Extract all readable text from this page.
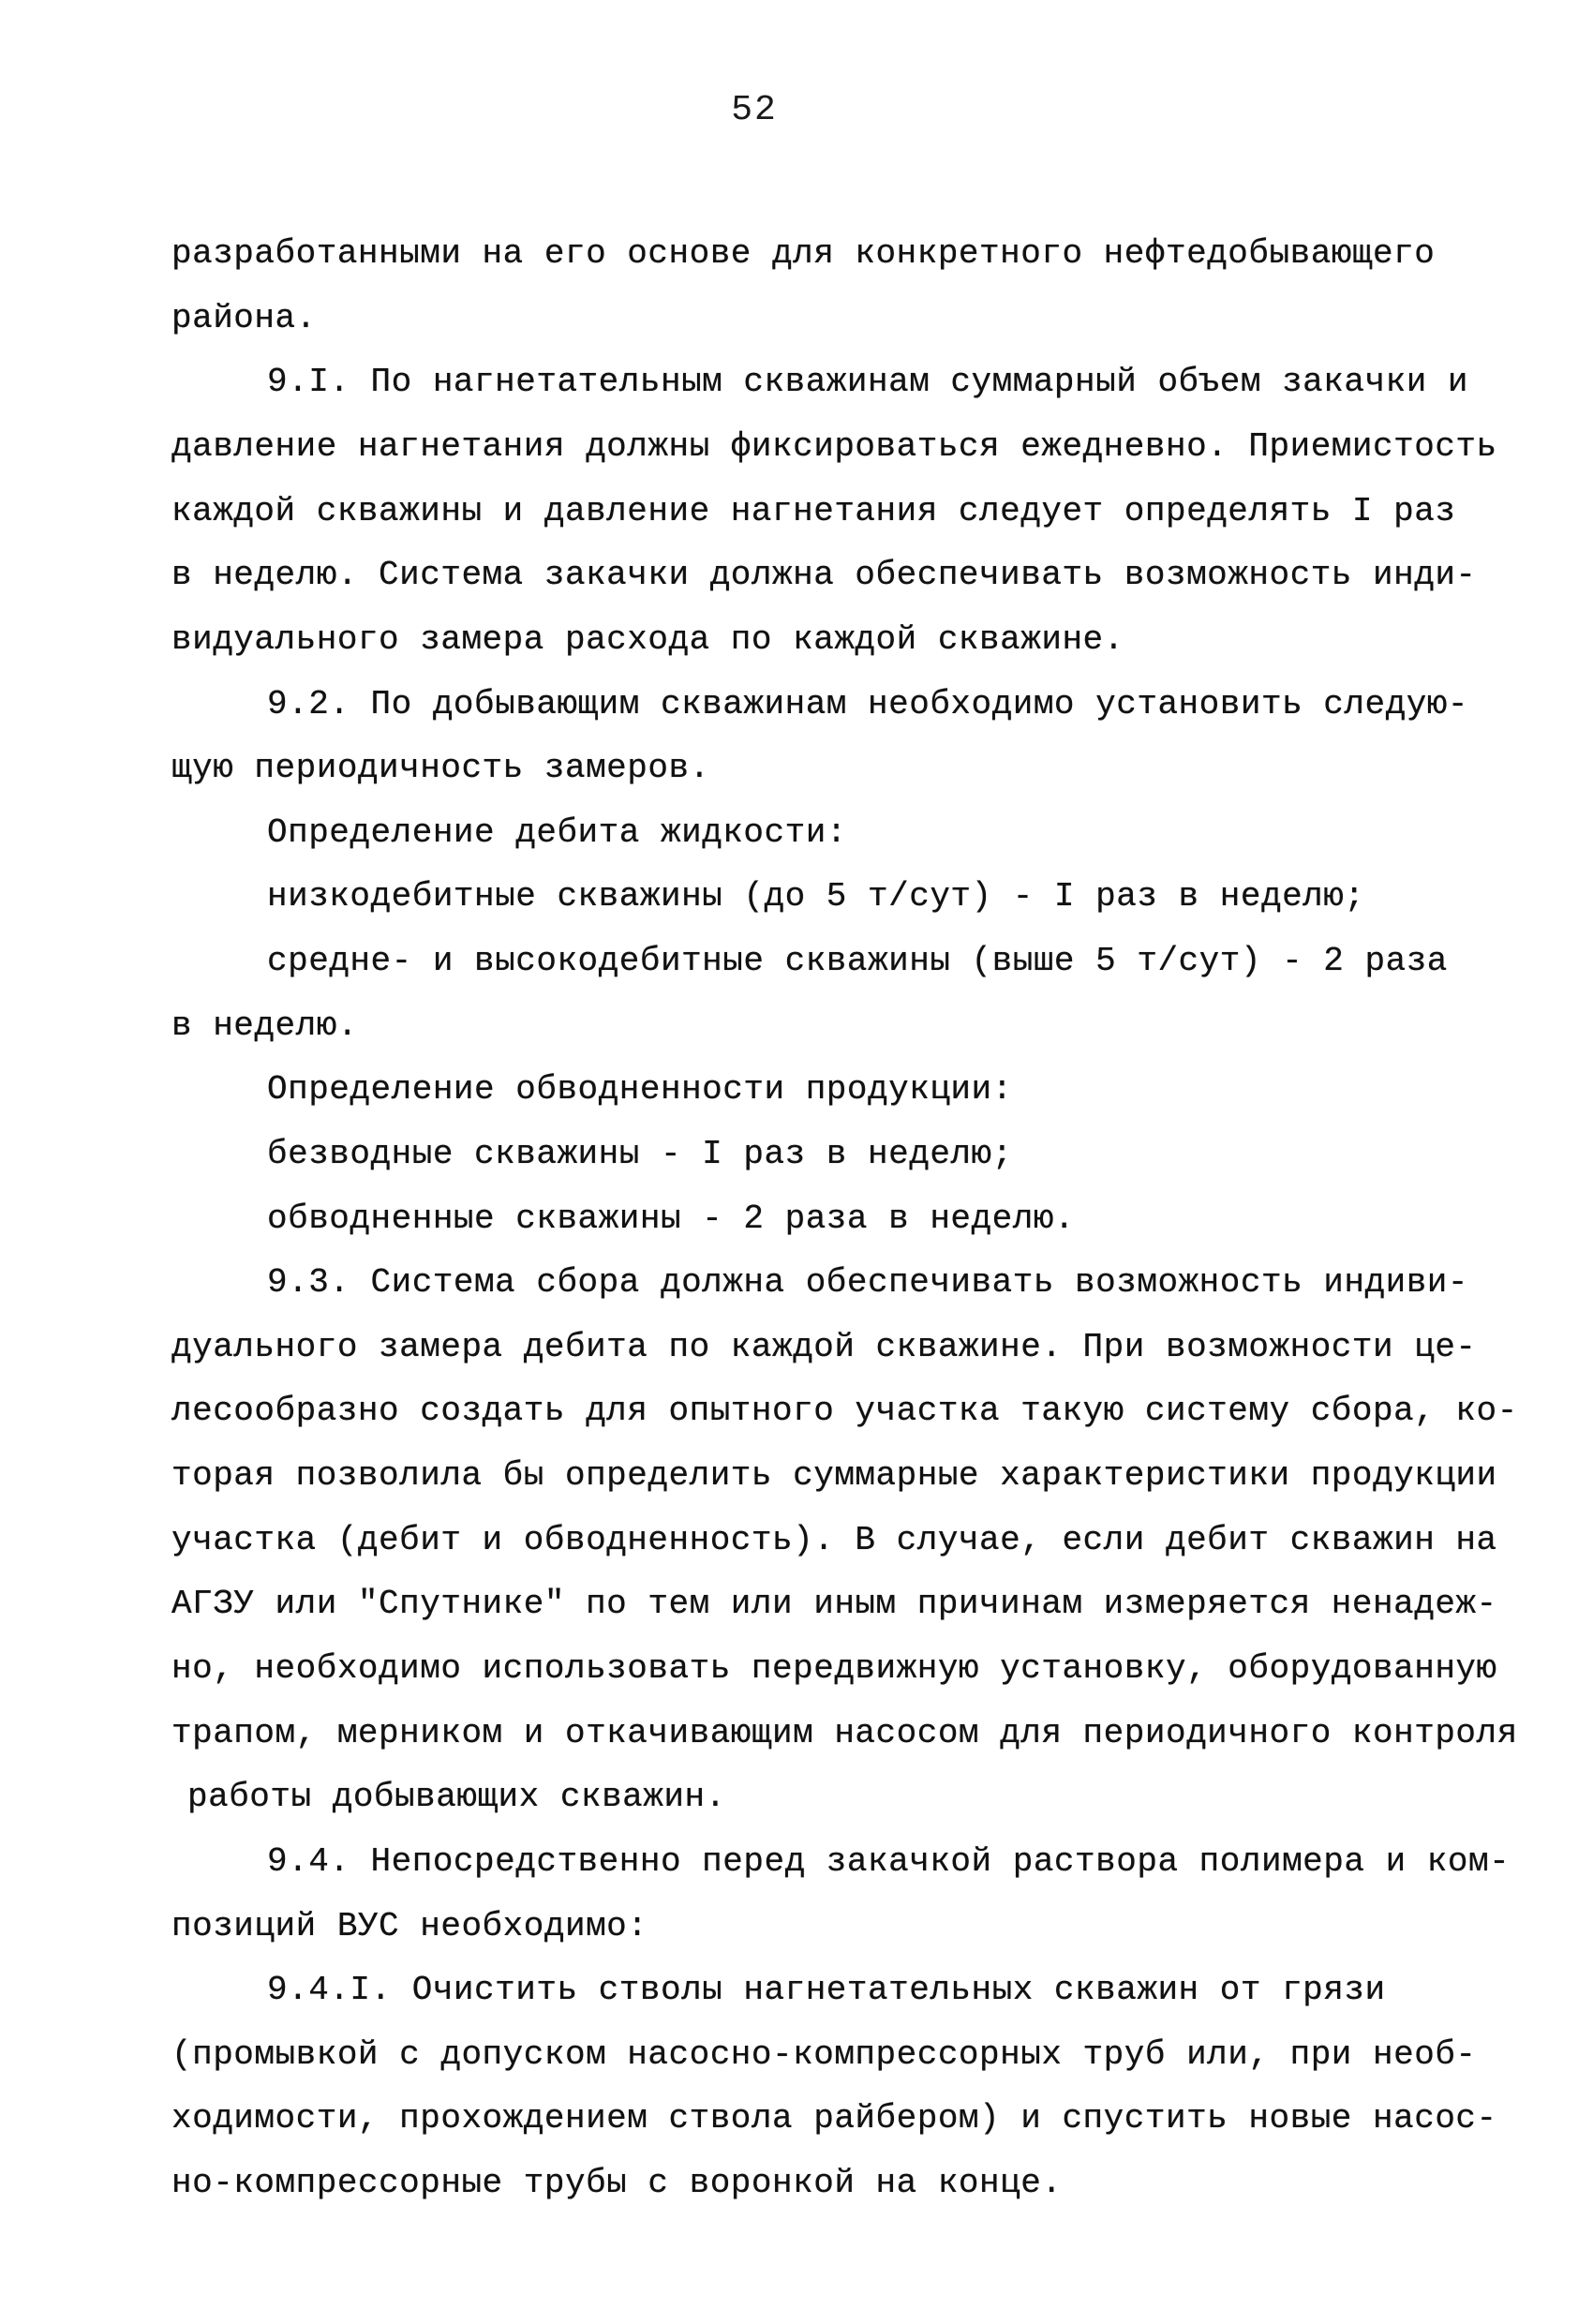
52
разработанными на его основе для конкретного нефтедобывающего
района.
9.I. По нагнетательным скважинам суммарный объем закачки и
давление нагнетания должны фиксироваться ежедневно. Приемистость
каждой скважины и давление нагнетания следует определять I раз
в неделю. Система закачки должна обеспечивать возможность инди-
видуального замера расхода по каждой скважине.
9.2. По добывающим скважинам необходимо установить следую-
щую периодичность замеров.
Определение дебита жидкости:
низкодебитные скважины (до 5 т/сут) - I раз в неделю;
средне- и высокодебитные скважины (выше 5 т/сут) - 2 раза
в неделю.
Определение обводненности продукции:
безводные скважины - I раз в неделю;
обводненные скважины - 2 раза в неделю.
9.3. Система сбора должна обеспечивать возможность индиви-
дуального замера дебита по каждой скважине. При возможности це-
лесообразно создать для опытного участка такую систему сбора, ко-
торая позволила бы определить суммарные характеристики продукции
участка (дебит и обводненность). В случае, если дебит скважин на
АГЗУ или "Спутнике" по тем или иным причинам измеряется ненадеж-
но, необходимо использовать передвижную установку, оборудованную
трапом, мерником и откачивающим насосом для периодичного контроля
работы добывающих скважин.
9.4. Непосредственно перед закачкой раствора полимера и ком-
позиций ВУС необходимо:
9.4.I. Очистить стволы нагнетательных скважин от грязи
(промывкой с допуском насосно-компрессорных труб или, при необ-
ходимости, прохождением ствола райбером) и спустить новые насос-
но-компрессорные трубы с воронкой на конце.
